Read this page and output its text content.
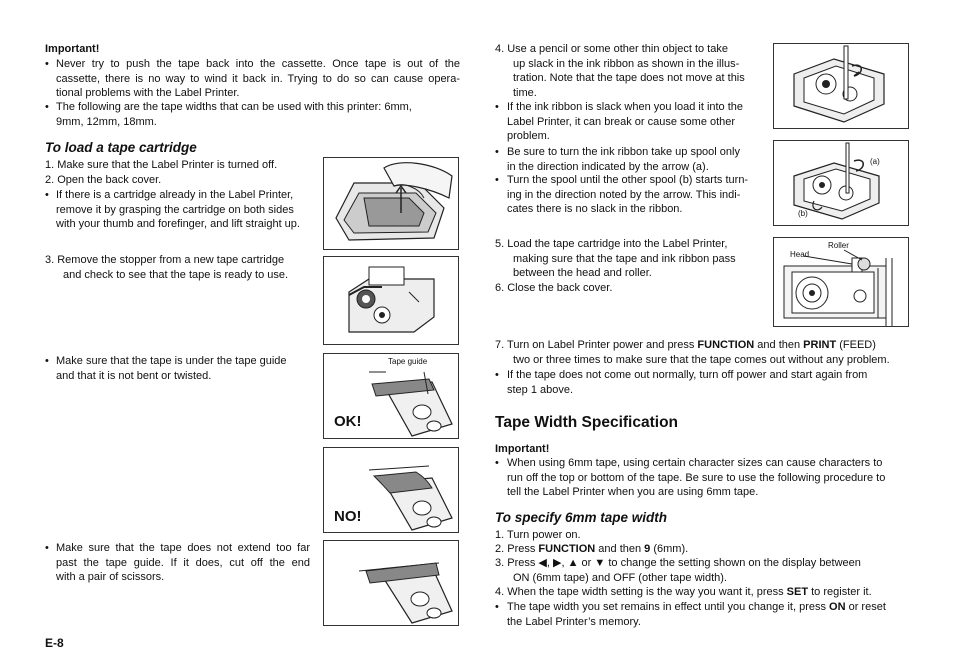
Important!
• Never try to push the tape back into the cassette. Once tape is out of the
cassette, there is no way to wind it back in. Trying to do so can cause opera-
tional problems with the Label Printer.
• The following are the tape widths that can be used with this printer: 6mm,
9mm, 12mm, 18mm.
To load a tape cartridge
1. Make sure that the Label Printer is turned off.
2. Open the back cover.
• If there is a cartridge already in the Label Printer,
remove it by grasping the cartridge on both sides
with your thumb and forefinger, and lift straight up.
3. Remove the stopper from a new tape cartridge
and check to see that the tape is ready to use.
• Make sure that the tape is under the tape guide
and that it is not bent or twisted.
Tape guide
OK!
NO!
• Make sure that the tape does not extend too far
past the tape guide. If it does, cut off the end
with a pair of scissors.
E-8
4. Use a pencil or some other thin object to take
up slack in the ink ribbon as shown in the illus-
tration. Note that the tape does not move at this
time.
• If the ink ribbon is slack when you load it into the
Label Printer, it can break or cause some other
problem.
• Be sure to turn the ink ribbon take up spool only
in the direction indicated by the arrow (a).
• Turn the spool until the other spool (b) starts turn-
ing in the direction noted by the arrow. This indi-
cates there is no slack in the ribbon.
(a)
(b)
5. Load the tape cartridge into the Label Printer,
making sure that the tape and ink ribbon pass
between the head and roller.
6. Close the back cover.
Roller
Head
7. Turn on Label Printer power and press FUNCTION and then PRINT (FEED)
two or three times to make sure that the tape comes out without any problem.
• If the tape does not come out normally, turn off power and start again from
step 1 above.
Tape Width Specification
Important!
• When using 6mm tape, using certain character sizes can cause characters to
run off the top or bottom of the tape. Be sure to use the following procedure to
tell the Label Printer when you are using 6mm tape.
To specify 6mm tape width
1. Turn power on.
2. Press FUNCTION and then 9 (6mm).
3. Press ◀, ▶, ▲ or ▼ to change the setting shown on the display between
ON (6mm tape) and OFF (other tape width).
4. When the tape width setting is the way you want it, press SET to register it.
• The tape width you set remains in effect until you change it, press ON or reset
the Label Printer’s memory.
